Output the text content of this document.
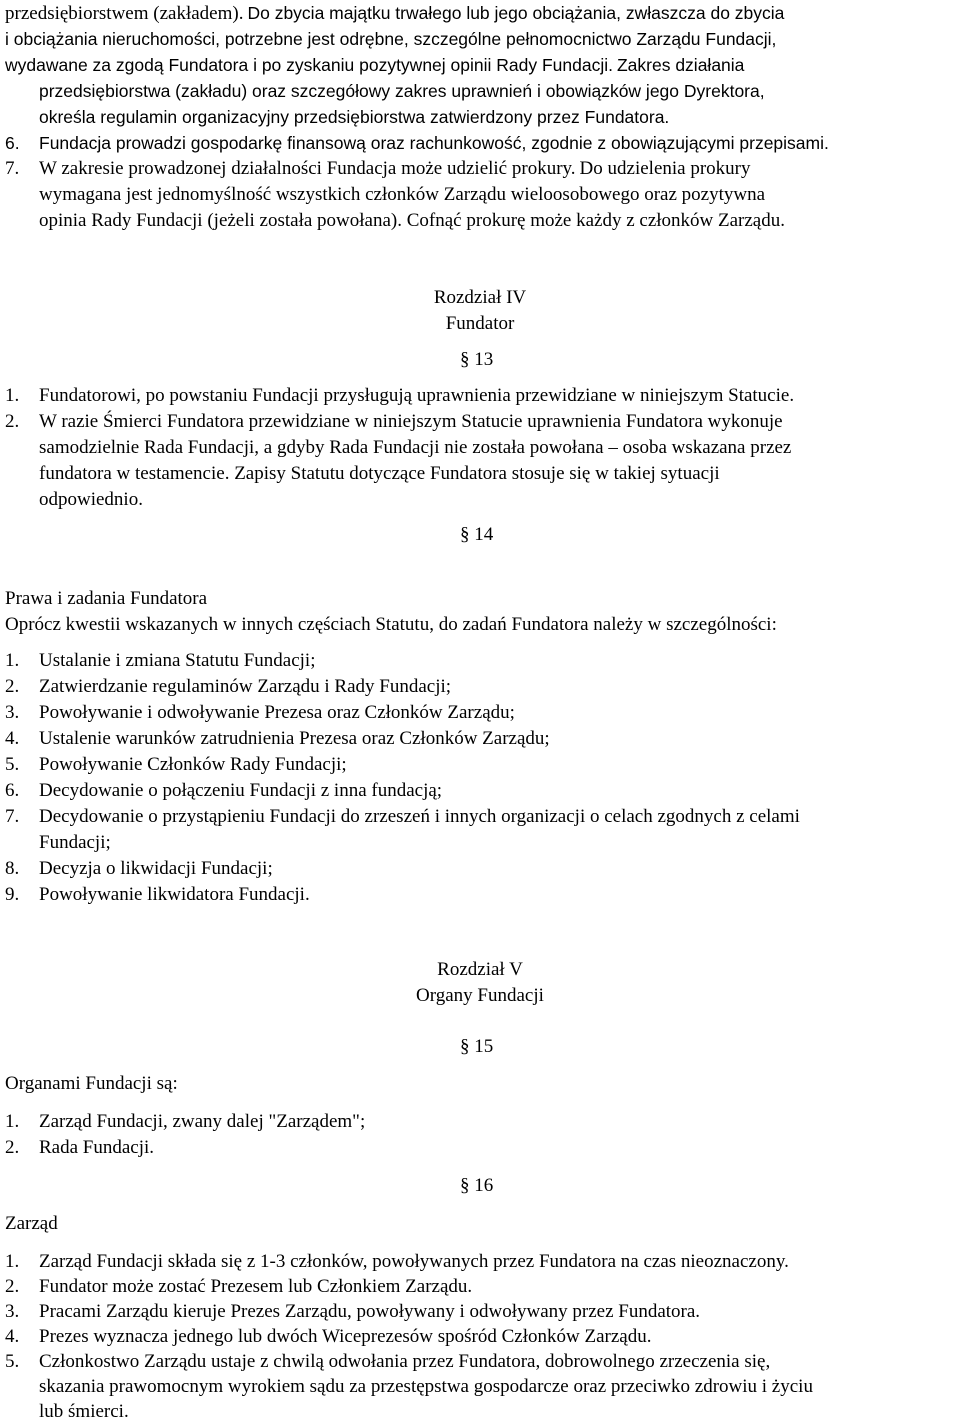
przedsiębiorstwem (zakładem). Do zbycia majątku trwałego lub jego obciążania, zwłaszcza do zbycia
i obciążania nieruchomości, potrzebne jest odrębne, szczególne pełnomocnictwo Zarządu Fundacji,
wydawane za zgodą Fundatora i po zyskaniu pozytywnej opinii Rady Fundacji. Zakres działania
przedsiębiorstwa (zakładu) oraz szczegółowy zakres uprawnień i obowiązków jego Dyrektora,
określa regulamin organizacyjny przedsiębiorstwa zatwierdzony przez Fundatora.
6. Fundacja prowadzi gospodarkę finansową oraz rachunkowość, zgodnie z obowiązującymi przepisami.
7. W zakresie prowadzonej działalności Fundacja może udzielić prokury. Do udzielenia prokury
wymagana jest jednomyślność wszystkich członków Zarządu wieloosobowego oraz pozytywna
opinia Rady Fundacji (jeżeli została powołana). Cofnąć prokurę może każdy z członków Zarządu.
Rozdział IV
Fundator
§ 13
1. Fundatorowi, po powstaniu Fundacji przysługują uprawnienia przewidziane w niniejszym Statucie.
2. W razie Śmierci Fundatora przewidziane w niniejszym Statucie uprawnienia Fundatora wykonuje
samodzielnie Rada Fundacji, a gdyby Rada Fundacji nie została powołana – osoba wskazana przez
fundatora w testamencie. Zapisy Statutu dotyczące Fundatora stosuje się w takiej sytuacji
odpowiednio.
§ 14
Prawa i zadania Fundatora
Oprócz kwestii wskazanych w innych częściach Statutu, do zadań Fundatora należy w szczególności:
1. Ustalanie i zmiana Statutu Fundacji;
2. Zatwierdzanie regulaminów Zarządu i Rady Fundacji;
3. Powoływanie i odwoływanie Prezesa oraz Członków Zarządu;
4. Ustalenie warunków zatrudnienia Prezesa oraz Członków Zarządu;
5. Powoływanie Członków Rady Fundacji;
6. Decydowanie o połączeniu Fundacji z inna fundacją;
7. Decydowanie o przystąpieniu Fundacji do zrzeszeń i innych organizacji o celach zgodnych z celami
Fundacji;
8. Decyzja o likwidacji Fundacji;
9. Powoływanie likwidatora Fundacji.
Rozdział V
Organy Fundacji
§ 15
Organami Fundacji są:
1. Zarząd Fundacji, zwany dalej "Zarządem";
2. Rada Fundacji.
§ 16
Zarząd
1. Zarząd Fundacji składa się z 1-3 członków, powoływanych przez Fundatora na czas nieoznaczony.
2. Fundator może zostać Prezesem lub Członkiem Zarządu.
3. Pracami Zarządu kieruje Prezes Zarządu, powoływany i odwoływany przez Fundatora.
4. Prezes wyznacza jednego lub dwóch Wiceprezesów spośród Członków Zarządu.
5. Członkostwo Zarządu ustaje z chwilą odwołania przez Fundatora, dobrowolnego zrzeczenia się,
skazania prawomocnym wyrokiem sądu za przestępstwa gospodarcze oraz przeciwko zdrowiu i życiu
lub śmierci.
